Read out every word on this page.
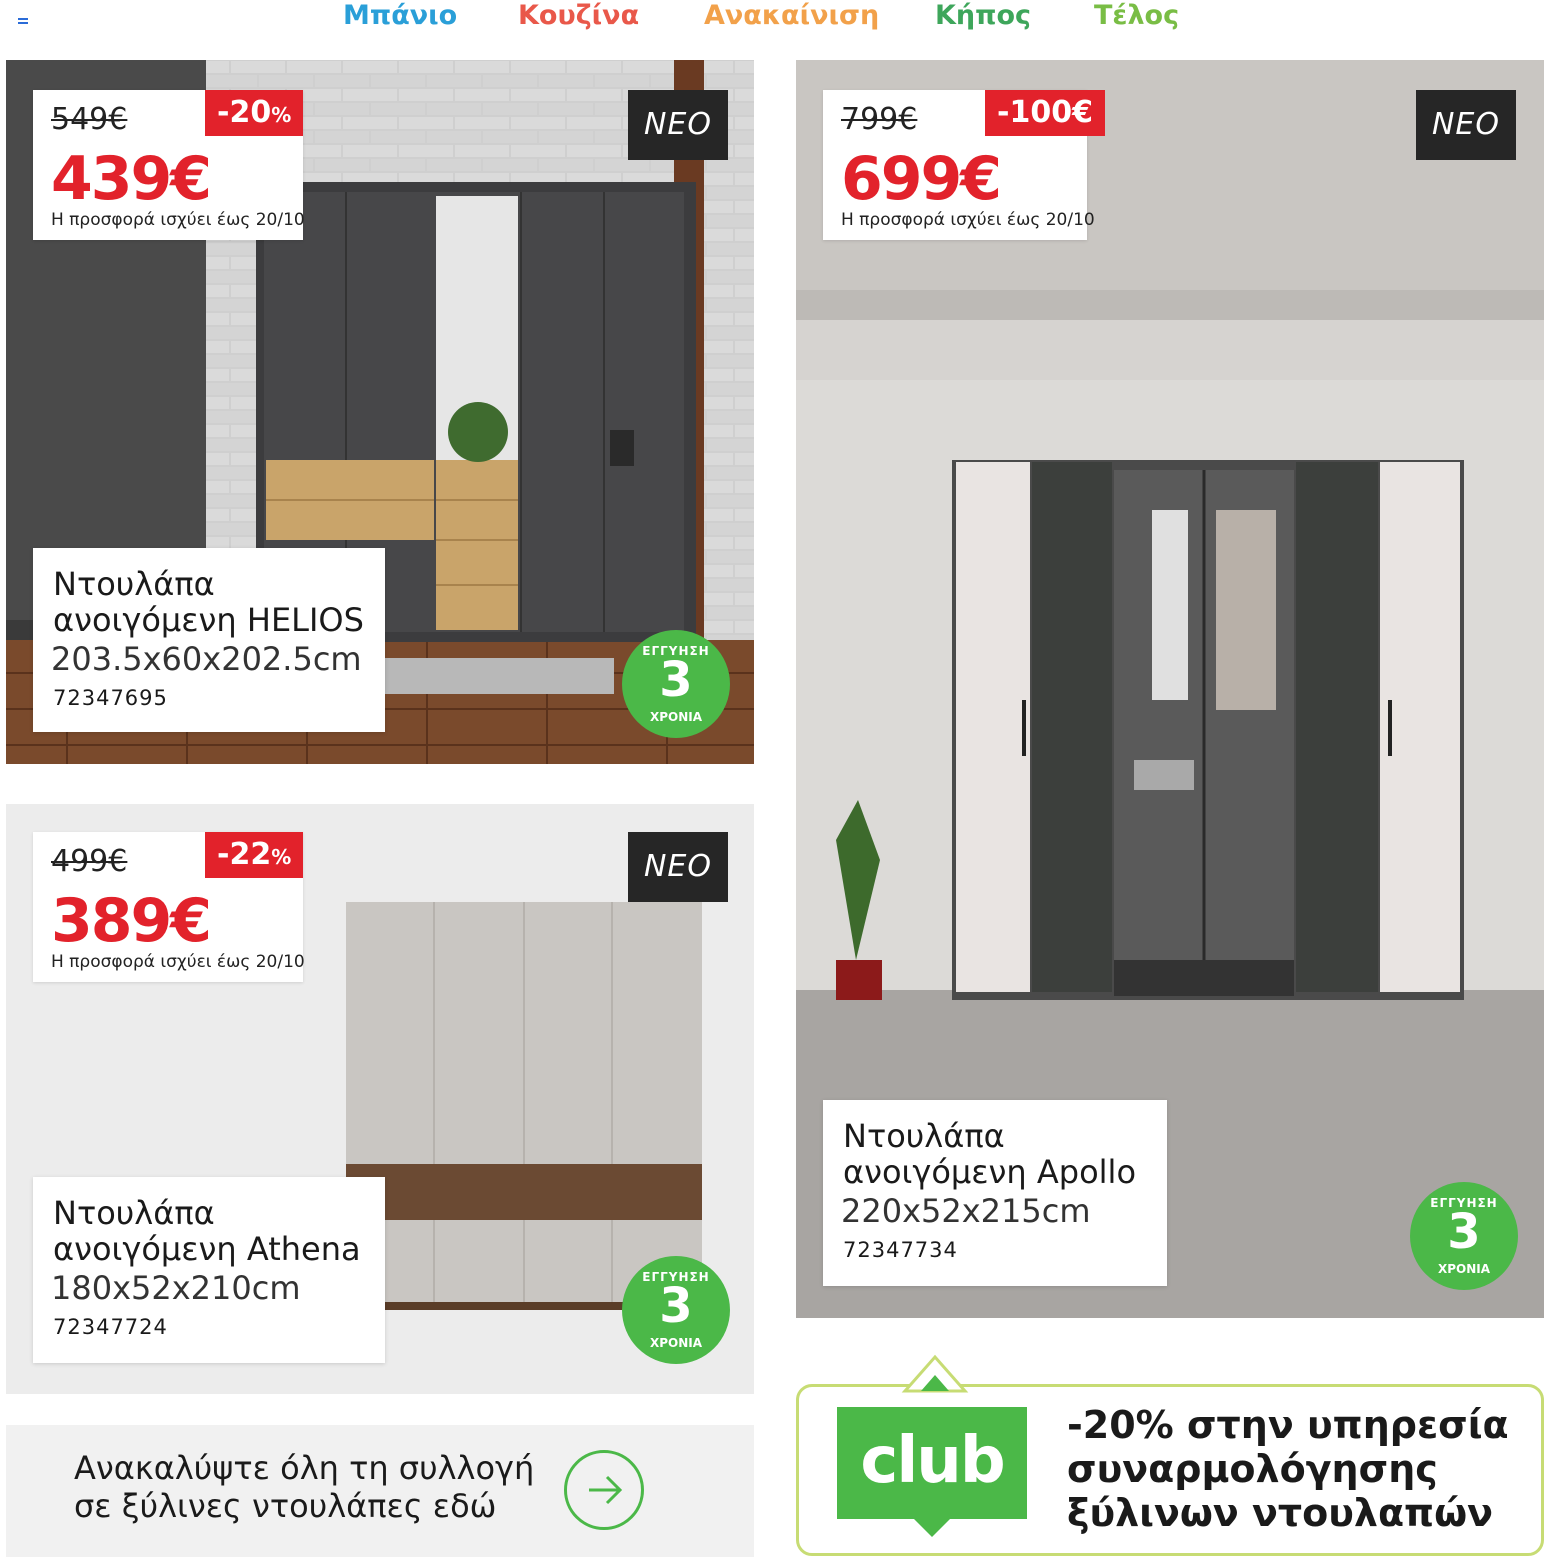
Μπάνιο Κουζίνα Ανακαίνιση Κήπος Τέλος
549€	-20%
439€
Η προσφορά ισχύει έως 20/10
ΝΕΟ
Ντουλάπα
ανοιγόμενη HELIOS
203.5x60x202.5cm
72347695
ΕΓΓΥΗΣΗ
3
ΧΡΟΝΙΑ
799€	-100€
699€
Η προσφορά ισχύει έως 20/10
ΝΕΟ
Ντουλάπα
ανοιγόμενη Apollo
220x52x215cm
72347734
ΕΓΓΥΗΣΗ
3
ΧΡΟΝΙΑ
499€	-22%
389€
Η προσφορά ισχύει έως 20/10
ΝΕΟ
Ντουλάπα
ανοιγόμενη Athena
180x52x210cm
72347724
ΕΓΓΥΗΣΗ
3
ΧΡΟΝΙΑ
Ανακαλύψτε όλη τη συλλογή
σε ξύλινες ντουλάπες εδώ
club	-20% στην υπηρεσία
συναρμολόγησης
ξύλινων ντουλαπών
